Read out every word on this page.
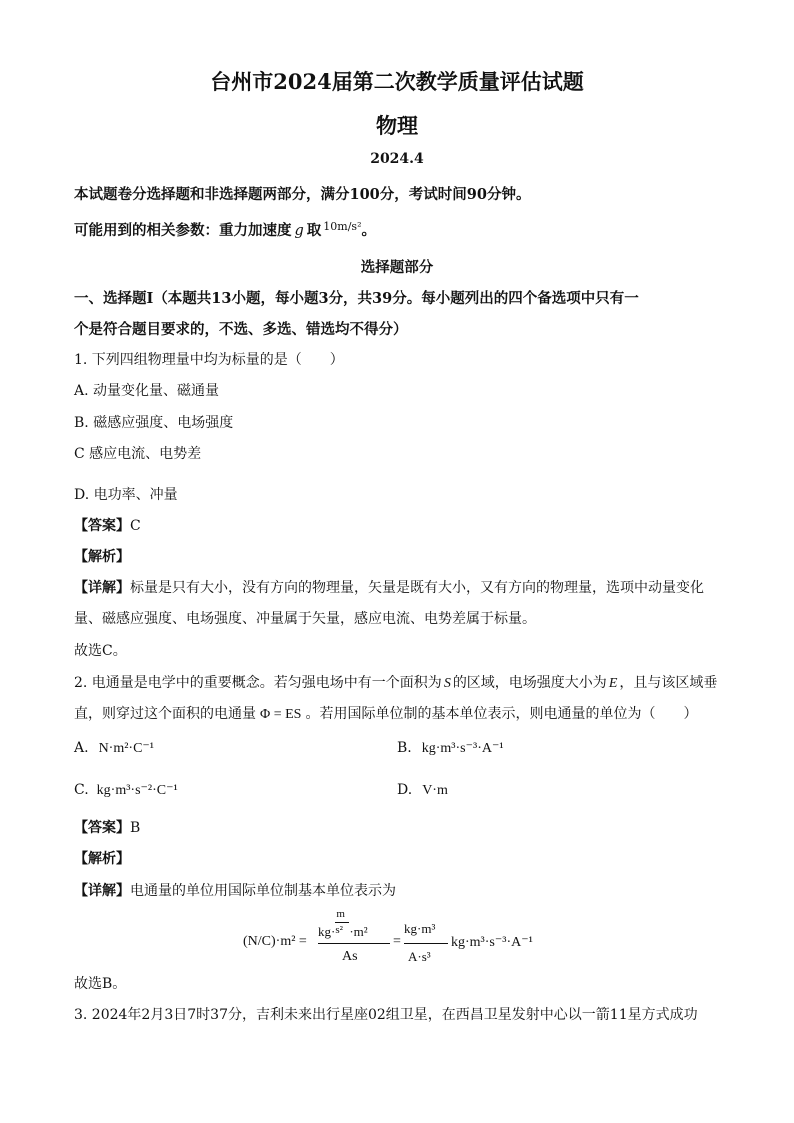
台州市2024届第二次教学质量评估试题
物理
2024.4
本试题卷分选择题和非选择题两部分，满分100分，考试时间90分钟。
可能用到的相关参数：重力加速度 g 取 $^{10m/s^2}$。
选择题部分
一、选择题Ⅰ（本题共13小题，每小题3分，共39分。每小题列出的四个备选项中只有一
个是符合题目要求的，不选、多选、错选均不得分）
1. 下列四组物理量中均为标量的是（　　）
A. 动量变化量、磁通量
B. 磁感应强度、电场强度
C 感应电流、电势差
D. 电功率、冲量
【答案】C
【解析】
【详解】标量是只有大小，没有方向的物理量，矢量是既有大小，又有方向的物理量，选项中动量变化
量、磁感应强度、电场强度、冲量属于矢量，感应电流、电势差属于标量。
故选C。
2. 电通量是电学中的重要概念。若匀强电场中有一个面积为 S 的区域，电场强度大小为 E ，且与该区域垂
直，则穿过这个面积的电通量 Φ = ES 。若用国际单位制的基本单位表示，则电通量的单位为（　　）
A. N·m²·C⁻¹	B. kg·m³·s⁻³·A⁻¹
C. kg·m³·s⁻²·C⁻¹	D. V·m
【答案】B
【解析】
【详解】电通量的单位用国际单位制基本单位表示为
(N/C)·m² =
$kg\cdot \frac{m}{\text{s²}} \cdot m^2$
As
=
kg·m³
A·s³
kg·m³·s⁻³·A⁻¹
故选B。
3. 2024年2月3日7时37分，吉利未来出行星座02组卫星，在西昌卫星发射中心以一箭11星方式成功
